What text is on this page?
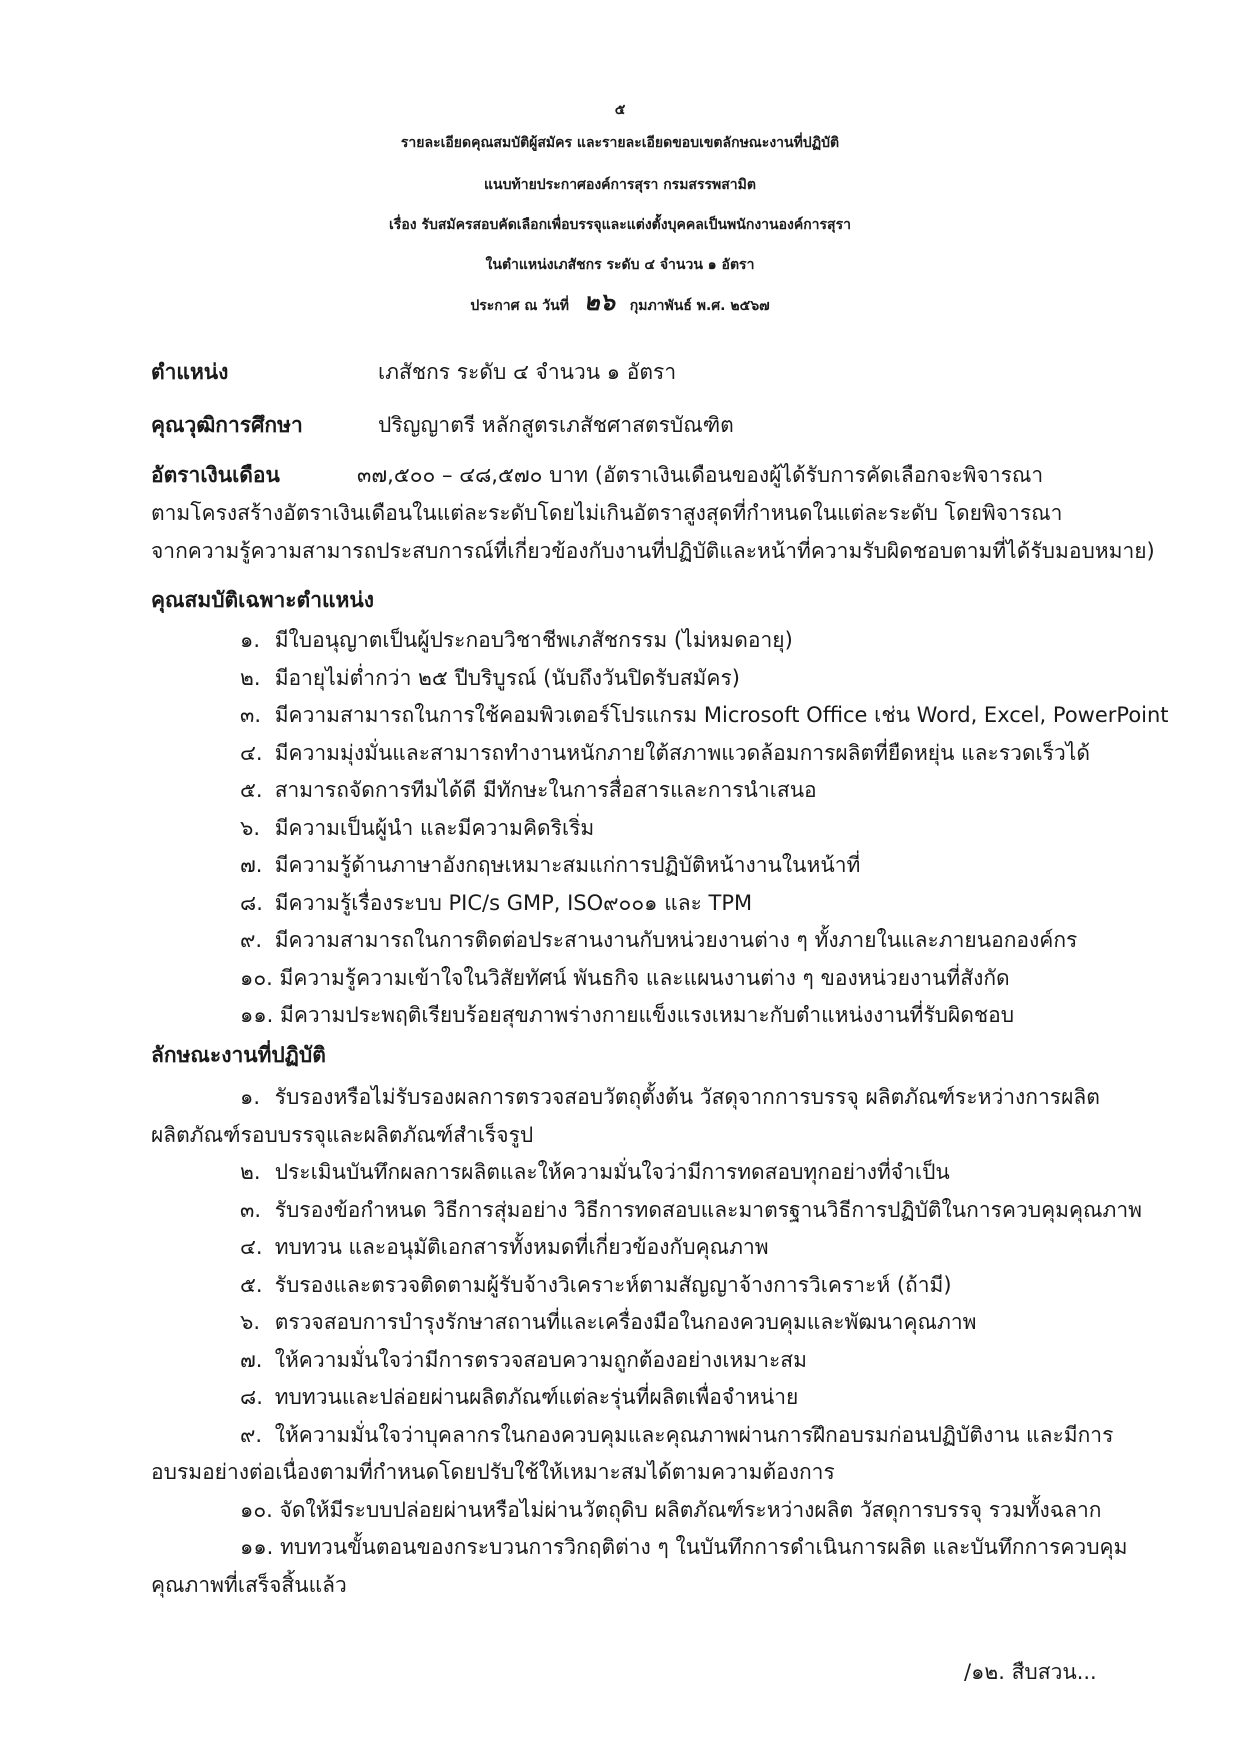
๕
รายละเอียดคุณสมบัติผู้สมัคร และรายละเอียดขอบเขตลักษณะงานที่ปฏิบัติ
แนบท้ายประกาศองค์การสุรา กรมสรรพสามิต
เรื่อง รับสมัครสอบคัดเลือกเพื่อบรรจุและแต่งตั้งบุคคลเป็นพนักงานองค์การสุรา
ในตำแหน่งเภสัชกร ระดับ ๔ จำนวน ๑ อัตรา
ประกาศ ณ วันที่ ๒๖ กุมภาพันธ์ พ.ศ. ๒๕๖๗
ตำแหน่ง	เภสัชกร ระดับ ๔ จำนวน ๑ อัตรา
คุณวุฒิการศึกษา	ปริญญาตรี หลักสูตรเภสัชศาสตรบัณฑิต
อัตราเงินเดือน	๓๗,๕๐๐ – ๔๘,๕๗๐ บาท (อัตราเงินเดือนของผู้ได้รับการคัดเลือกจะพิจารณา
ตามโครงสร้างอัตราเงินเดือนในแต่ละระดับโดยไม่เกินอัตราสูงสุดที่กำหนดในแต่ละระดับ โดยพิจารณา
จากความรู้ความสามารถประสบการณ์ที่เกี่ยวข้องกับงานที่ปฏิบัติและหน้าที่ความรับผิดชอบตามที่ได้รับมอบหมาย)
คุณสมบัติเฉพาะตำแหน่ง
๑. มีใบอนุญาตเป็นผู้ประกอบวิชาชีพเภสัชกรรม (ไม่หมดอายุ)
๒. มีอายุไม่ต่ำกว่า ๒๕ ปีบริบูรณ์ (นับถึงวันปิดรับสมัคร)
๓. มีความสามารถในการใช้คอมพิวเตอร์โปรแกรม Microsoft Office เช่น Word, Excel, PowerPoint
๔. มีความมุ่งมั่นและสามารถทำงานหนักภายใต้สภาพแวดล้อมการผลิตที่ยืดหยุ่น และรวดเร็วได้
๕. สามารถจัดการทีมได้ดี มีทักษะในการสื่อสารและการนำเสนอ
๖. มีความเป็นผู้นำ และมีความคิดริเริ่ม
๗. มีความรู้ด้านภาษาอังกฤษเหมาะสมแก่การปฏิบัติหน้างานในหน้าที่
๘. มีความรู้เรื่องระบบ PIC/s GMP, ISO๙๐๐๑ และ TPM
๙. มีความสามารถในการติดต่อประสานงานกับหน่วยงานต่าง ๆ ทั้งภายในและภายนอกองค์กร
๑๐. มีความรู้ความเข้าใจในวิสัยทัศน์ พันธกิจ และแผนงานต่าง ๆ ของหน่วยงานที่สังกัด
๑๑. มีความประพฤติเรียบร้อยสุขภาพร่างกายแข็งแรงเหมาะกับตำแหน่งงานที่รับผิดชอบ
ลักษณะงานที่ปฏิบัติ
๑. รับรองหรือไม่รับรองผลการตรวจสอบวัตถุตั้งต้น วัสดุจากการบรรจุ ผลิตภัณฑ์ระหว่างการผลิต
ผลิตภัณฑ์รอบบรรจุและผลิตภัณฑ์สำเร็จรูป
๒. ประเมินบันทึกผลการผลิตและให้ความมั่นใจว่ามีการทดสอบทุกอย่างที่จำเป็น
๓. รับรองข้อกำหนด วิธีการสุ่มอย่าง วิธีการทดสอบและมาตรฐานวิธีการปฏิบัติในการควบคุมคุณภาพ
๔. ทบทวน และอนุมัติเอกสารทั้งหมดที่เกี่ยวข้องกับคุณภาพ
๕. รับรองและตรวจติดตามผู้รับจ้างวิเคราะห์ตามสัญญาจ้างการวิเคราะห์ (ถ้ามี)
๖. ตรวจสอบการบำรุงรักษาสถานที่และเครื่องมือในกองควบคุมและพัฒนาคุณภาพ
๗. ให้ความมั่นใจว่ามีการตรวจสอบความถูกต้องอย่างเหมาะสม
๘. ทบทวนและปล่อยผ่านผลิตภัณฑ์แต่ละรุ่นที่ผลิตเพื่อจำหน่าย
๙. ให้ความมั่นใจว่าบุคลากรในกองควบคุมและคุณภาพผ่านการฝึกอบรมก่อนปฏิบัติงาน และมีการ
อบรมอย่างต่อเนื่องตามที่กำหนดโดยปรับใช้ให้เหมาะสมได้ตามความต้องการ
๑๐. จัดให้มีระบบปล่อยผ่านหรือไม่ผ่านวัตถุดิบ ผลิตภัณฑ์ระหว่างผลิต วัสดุการบรรจุ รวมทั้งฉลาก
๑๑. ทบทวนขั้นตอนของกระบวนการวิกฤติต่าง ๆ ในบันทึกการดำเนินการผลิต และบันทึกการควบคุม
คุณภาพที่เสร็จสิ้นแล้ว
/๑๒. สืบสวน...
